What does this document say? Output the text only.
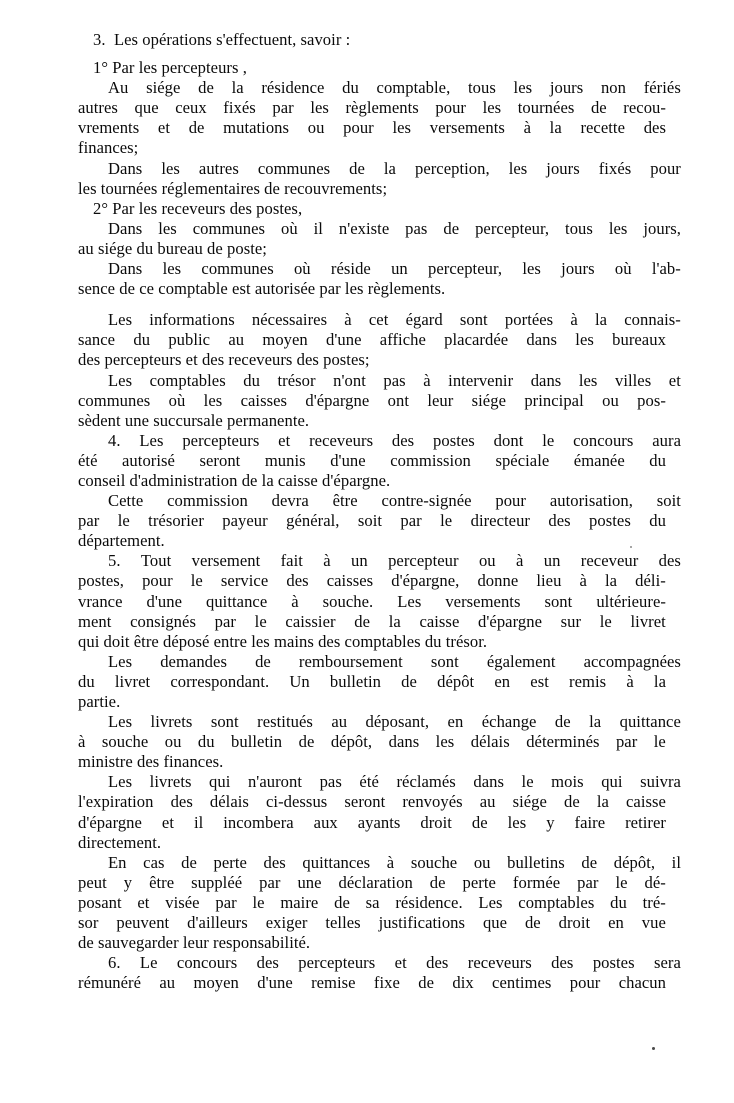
3.  Les opérations s'effectuent, savoir :
1° Par les percepteurs ,
Au siége de la résidence du comptable, tous les jours non fériés
autres que ceux fixés par les règlements pour les tournées de recou-
vrements et de mutations ou pour les versements à la recette des
finances;
Dans les autres communes de la perception, les jours fixés pour
les tournées réglementaires de recouvrements;
2° Par les receveurs des postes,
Dans les communes où il n'existe pas de percepteur, tous les jours,
au siége du bureau de poste;
Dans les communes où réside un percepteur, les jours où l'ab-
sence de ce comptable est autorisée par les règlements.
Les informations nécessaires à cet égard sont portées à la connais-
sance du public au moyen d'une affiche placardée dans les bureaux
des percepteurs et des receveurs des postes;
Les comptables du trésor n'ont pas à intervenir dans les villes et
communes où les caisses d'épargne ont leur siége principal ou pos-
sèdent une succursale permanente.
4. Les percepteurs et receveurs des postes dont le concours aura
été autorisé seront munis d'une commission spéciale émanée du
conseil d'administration de la caisse d'épargne.
Cette commission devra être contre-signée pour autorisation, soit
par le trésorier payeur général, soit par le directeur des postes du
département.
5. Tout versement fait à un percepteur ou à un receveur des
postes, pour le service des caisses d'épargne, donne lieu à la déli-
vrance d'une quittance à souche. Les versements sont ultérieure-
ment consignés par le caissier de la caisse d'épargne sur le livret
qui doit être déposé entre les mains des comptables du trésor.
Les demandes de remboursement sont également accompagnées
du livret correspondant. Un bulletin de dépôt en est remis à la
partie.
Les livrets sont restitués au déposant, en échange de la quittance
à souche ou du bulletin de dépôt, dans les délais déterminés par le
ministre des finances.
Les livrets qui n'auront pas été réclamés dans le mois qui suivra
l'expiration des délais ci-dessus seront renvoyés au siége de la caisse
d'épargne et il incombera aux ayants droit de les y faire retirer
directement.
En cas de perte des quittances à souche ou bulletins de dépôt, il
peut y être suppléé par une déclaration de perte formée par le dé-
posant et visée par le maire de sa résidence. Les comptables du tré-
sor peuvent d'ailleurs exiger telles justifications que de droit en vue
de sauvegarder leur responsabilité.
6. Le concours des percepteurs et des receveurs des postes sera
rémunéré au moyen d'une remise fixe de dix centimes pour chacun
